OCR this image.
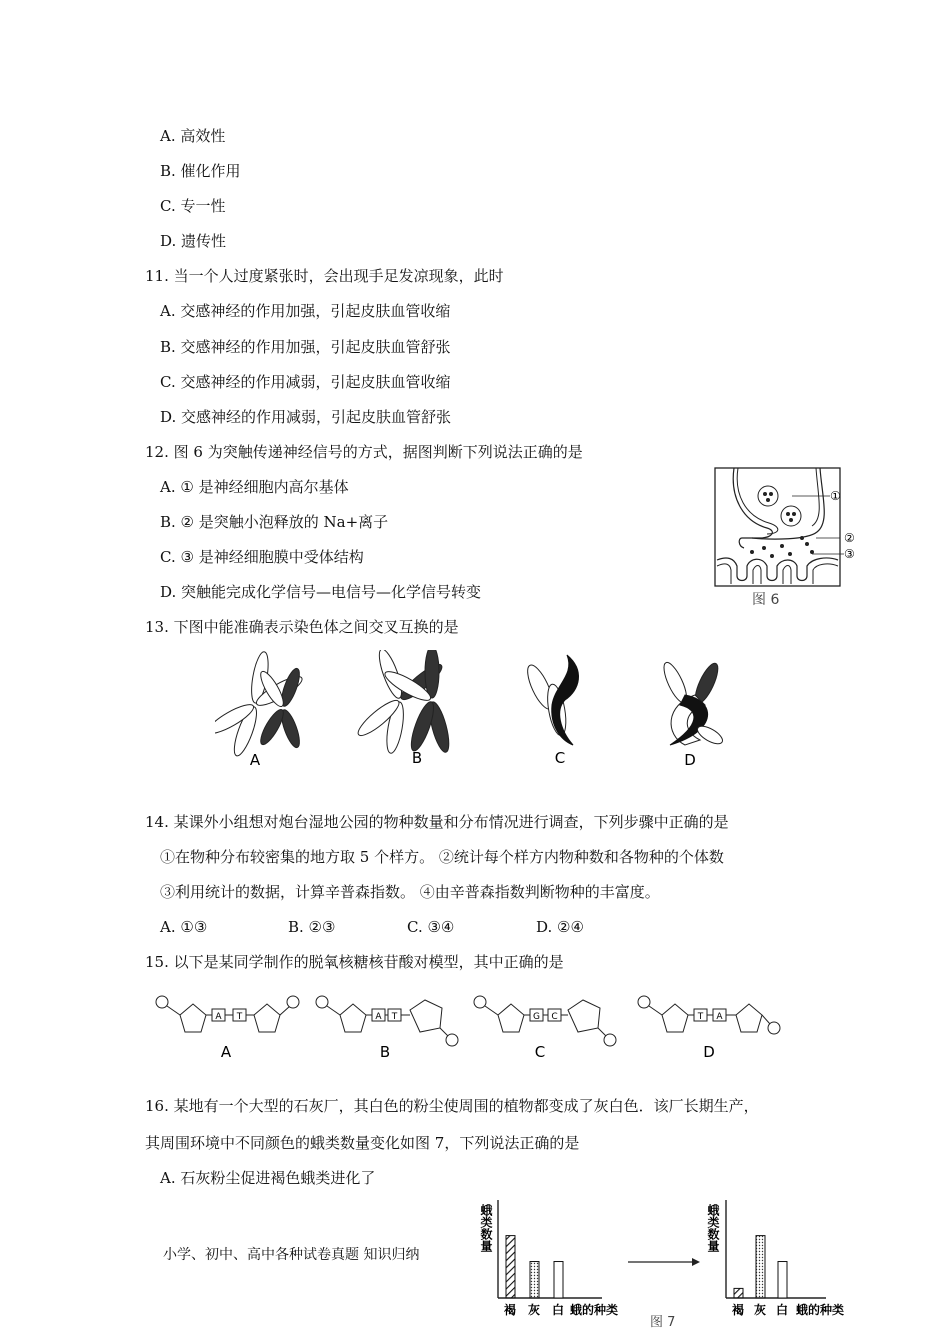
A. 高效性
B. 催化作用
C. 专一性
D. 遗传性
11. 当一个人过度紧张时，会出现手足发凉现象，此时
A. 交感神经的作用加强，引起皮肤血管收缩
B. 交感神经的作用加强，引起皮肤血管舒张
C. 交感神经的作用减弱，引起皮肤血管收缩
D. 交感神经的作用减弱，引起皮肤血管舒张
12. 图 6 为突触传递神经信号的方式，据图判断下列说法正确的是
A. ① 是神经细胞内高尔基体
B. ② 是突触小泡释放的 Na+离子
C. ③ 是神经细胞膜中受体结构
D. 突触能完成化学信号—电信号—化学信号转变
①
②
③
图 6
13. 下图中能准确表示染色体之间交叉互换的是
A	B	C	D
14. 某课外小组想对炮台湿地公园的物种数量和分布情况进行调查，下列步骤中正确的是
①在物种分布较密集的地方取 5 个样方。 ②统计每个样方内物种数和各物种的个体数
③利用统计的数据，计算辛普森指数。 ④由辛普森指数判断物种的丰富度。
A. ①③	B. ②③	C. ③④	D. ②④
15. 以下是某同学制作的脱氧核糖核苷酸对模型，其中正确的是
A T	A T	G C	T A
A	B	C	D
16. 某地有一个大型的石灰厂，其白色的粉尘使周围的植物都变成了灰白色．该厂长期生产，
其周围环境中不同颜色的蛾类数量变化如图 7，下列说法正确的是
A. 石灰粉尘促进褐色蛾类进化了
小学、初中、高中各种试卷真题 知识归纳
蛾类数量
蛾的种类
褐 灰 白
蛾类数量
蛾的种类
褐 灰 白
图 7
